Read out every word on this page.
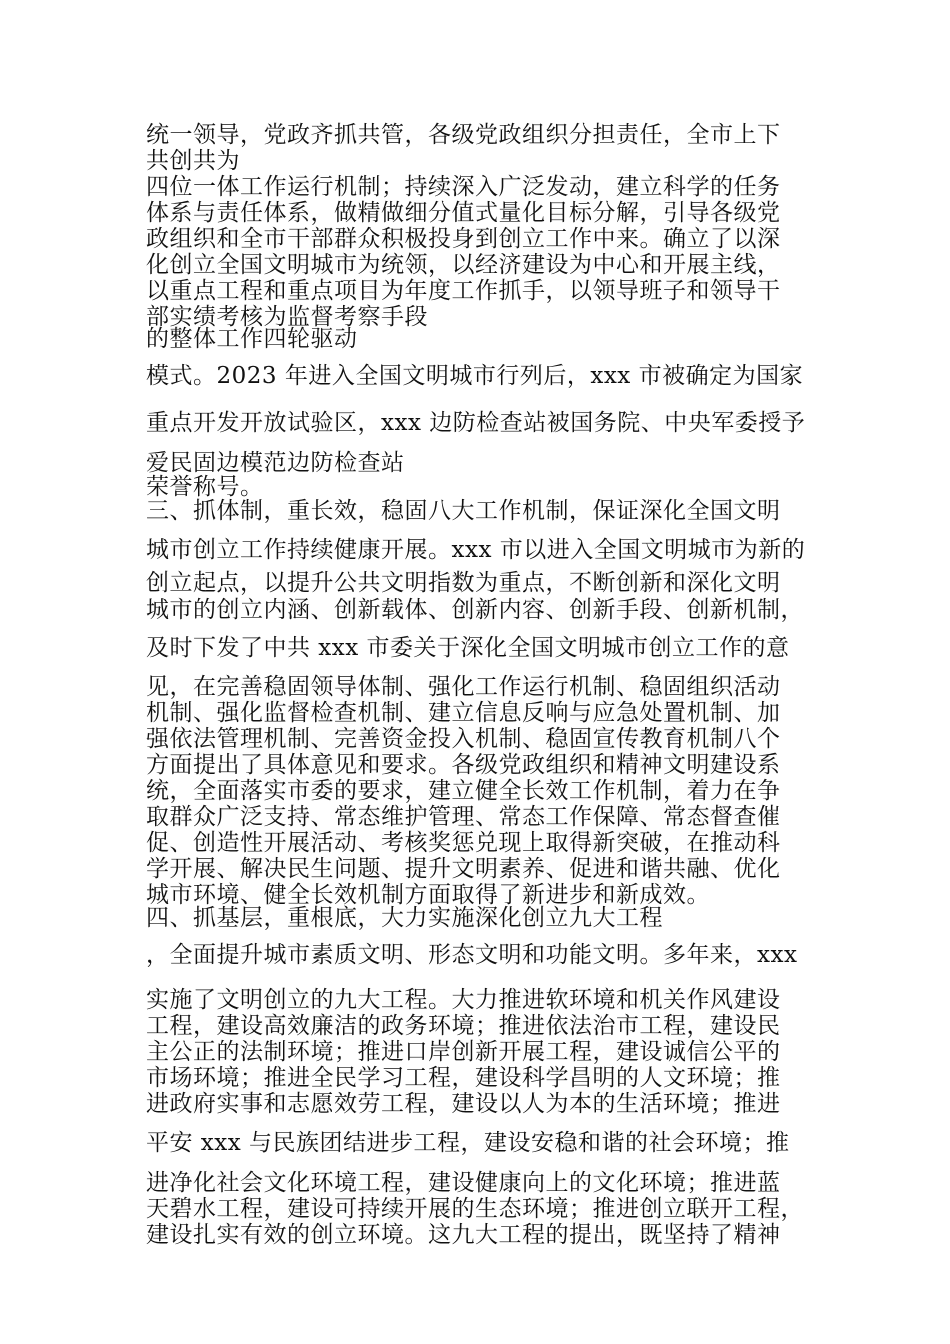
统一领导，党政齐抓共管，各级党政组织分担责任，全市上下

共创共为

四位一体工作运行机制；持续深入广泛发动，建立科学的任务

体系与责任体系，做精做细分值式量化目标分解，引导各级党

政组织和全市干部群众积极投身到创立工作中来。确立了以深

化创立全国文明城市为统领，以经济建设为中心和开展主线，

以重点工程和重点项目为年度工作抓手，以领导班子和领导干

部实绩考核为监督考察手段

的整体工作四轮驱动

模式。2023 年进入全国文明城市行列后，xxx 市被确定为国家

重点开发开放试验区，xxx 边防检查站被国务院、中央军委授予

爱民固边模范边防检查站

荣誉称号。

三、抓体制，重长效，稳固八大工作机制，保证深化全国文明

城市创立工作持续健康开展。xxx 市以进入全国文明城市为新的

创立起点，以提升公共文明指数为重点，不断创新和深化文明

城市的创立内涵、创新载体、创新内容、创新手段、创新机制，

及时下发了中共 xxx 市委关于深化全国文明城市创立工作的意

见，在完善稳固领导体制、强化工作运行机制、稳固组织活动

机制、强化监督检查机制、建立信息反响与应急处置机制、加

强依法管理机制、完善资金投入机制、稳固宣传教育机制八个

方面提出了具体意见和要求。各级党政组织和精神文明建设系

统，全面落实市委的要求，建立健全长效工作机制，着力在争

取群众广泛支持、常态维护管理、常态工作保障、常态督查催

促、创造性开展活动、考核奖惩兑现上取得新突破，在推动科

学开展、解决民生问题、提升文明素养、促进和谐共融、优化

城市环境、健全长效机制方面取得了新进步和新成效。

四、抓基层，重根底，大力实施深化创立九大工程

，全面提升城市素质文明、形态文明和功能文明。多年来，xxx

实施了文明创立的九大工程。大力推进软环境和机关作风建设

工程，建设高效廉洁的政务环境；推进依法治市工程，建设民

主公正的法制环境；推进口岸创新开展工程，建设诚信公平的

市场环境；推进全民学习工程，建设科学昌明的人文环境；推

进政府实事和志愿效劳工程，建设以人为本的生活环境；推进

平安 xxx 与民族团结进步工程，建设安稳和谐的社会环境；推

进净化社会文化环境工程，建设健康向上的文化环境；推进蓝

天碧水工程，建设可持续开展的生态环境；推进创立联开工程，

建设扎实有效的创立环境。这九大工程的提出，既坚持了精神
